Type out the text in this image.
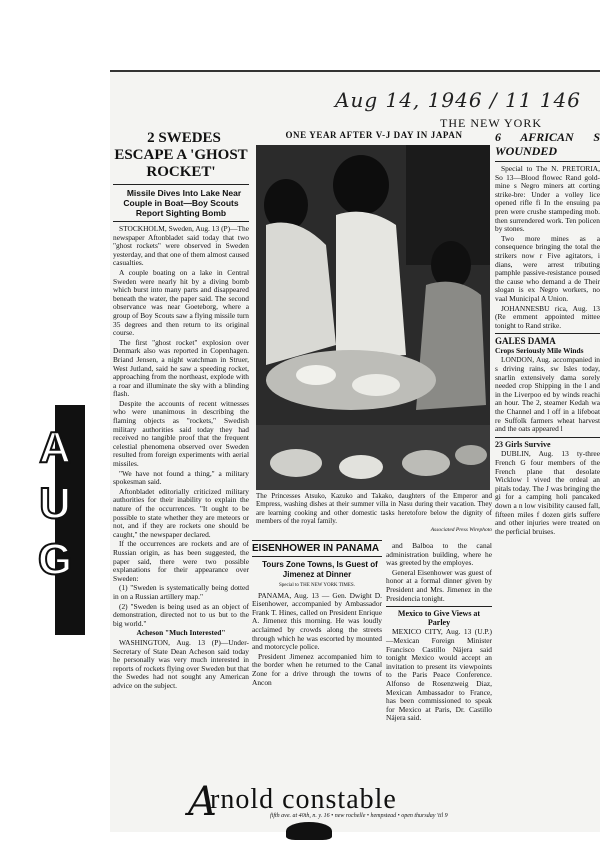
A
U
G
Aug 14, 1946 / 11 146
THE NEW YORK

2 SWEDES ESCAPE A 'GHOST ROCKET'

Missile Dives Into Lake Near Couple in Boat—Boy Scouts Report Sighting Bomb

STOCKHOLM, Sweden, Aug. 13 (P)—The newspaper Aftonbladet said today that two "ghost rockets" were observed in Sweden yesterday, and that one of them almost caused casualties.

A couple boating on a lake in Central Sweden were nearly hit by a diving bomb which burst into many parts and disappeared beneath the water, the paper said. The second observance was near Goeteborg, where a group of Boy Scouts saw a flying missile turn 35 degrees and then return to its original course.

The first "ghost rocket" explosion over Denmark also was reported in Copenhagen. Briand Jensen, a night watchman in Struer, West Jutland, said he saw a speeding rocket, approaching from the northeast, explode with a roar and illuminate the sky with a blinding flash.

Despite the accounts of recent witnesses who were unanimous in describing the flaming objects as "rockets," Swedish military authorities said today they had received no tangible proof that the frequent celestial phenomena observed over Sweden resulted from foreign experiments with aerial missiles.

"We have not found a thing," a military spokesman said.

Aftonbladet editorially criticized military authorities for their inability to explain the nature of the occurrences. "It ought to be possible to state whether they are meteors or not, and if they are rockets one should be caught," the newspaper declared.

If the occurrences are rockets and are of Russian origin, as has been suggested, the paper said, there were two possible explanations for their appearance over Sweden:

(1) "Sweden is systematically being dotted in on a Russian artillery map."

(2) "Sweden is being used as an object of demonstration, directed not to us but to the big world."

Acheson "Much Interested"

WASHINGTON, Aug. 13 (P)—Under-Secretary of State Dean Acheson said today he personally was very much interested in reports of rockets flying over Sweden but that the Swedes had not sought any American advice on the subject.

ONE YEAR AFTER V-J DAY IN JAPAN
The Princesses Atsuko, Kazuko and Takako, daughters of the Emperor and Empress, washing dishes at their summer villa in Nasu during their vacation. They are learning cooking and other domestic tasks heretofore below the dignity of members of the royal family.
Associated Press Wirephoto
EISENHOWER IN PANAMA

Tours Zone Towns, Is Guest of Jimenez at Dinner

Special to THE NEW YORK TIMES.

PANAMA, Aug. 13 — Gen. Dwight D. Eisenhower, accompanied by Ambassador Frank T. Hines, called on President Enrique A. Jimenez this morning. He was loudly acclaimed by crowds along the streets through which he was escorted by mounted and motorcycle police.

President Jimenez accompanied him to the border when he returned to the Canal Zone for a drive through the towns of Ancon

and Balboa to the canal administration building, where he was greeted by the employes.

General Eisenhower was guest of honor at a formal dinner given by President and Mrs. Jimenez in the Presidencia tonight.

Mexico to Give Views at Parley

MEXICO CITY, Aug. 13 (U.P.)—Mexican Foreign Minister Francisco Castillo Nájera said tonight Mexico would accept an invitation to present its viewpoints to the Paris Peace Conference. Alfonso de Rosenzweig Diaz, Mexican Ambassador to France, has been commissioned to speak for Mexico at Paris, Dr. Castillo Nájera said.

6 AFRICAN S WOUNDED

Special to The N. PRETORIA, So 13—Blood flowec Rand gold-mine s Negro miners att corting strike-bre: Under a volley lice opened rifle fi In the ensuing pa pren were crushe stampeding mob. then surrendered work. Ten policen by stones.

Two more mines as a consequence bringing the total the strikers now r Five agitators, i dians, were arrest tributing pamphle passive-resistance poused the cause who demand a de Their slogan is ex Negro workers, no vaal Municipal A Union.

JOHANNESBU rica, Aug. 13 (Re ernment appointed mittee tonight to Rand strike.

GALES DAMA

Crops Seriously Mile Winds

LONDON, Aug. accompanied in s driving rains, sw Isles today, snarlin extensively dama sorely needed crop Shipping in the l and in the Liverpoo ed by winds reachi an hour. The 2, steamer Kedah wa the Channel and l off in a lifeboat re Suffolk farmers wheat harvest and the oats appeared l

23 Girls Survive

DUBLIN, Aug. 13 ty-three French G four members of the French plane that desolate Wicklow l vived the ordeal an pitals today. The J was bringing the gi for a camping holi pancaked down a n low visibility caused fall, fifteen miles f dozen girls suffere and other injuries were treated on the perficial bruises.

A
rnold constable
fifth ave. at 40th, n. y. 16 • new rochelle • hempstead • open thursday 'til 9
